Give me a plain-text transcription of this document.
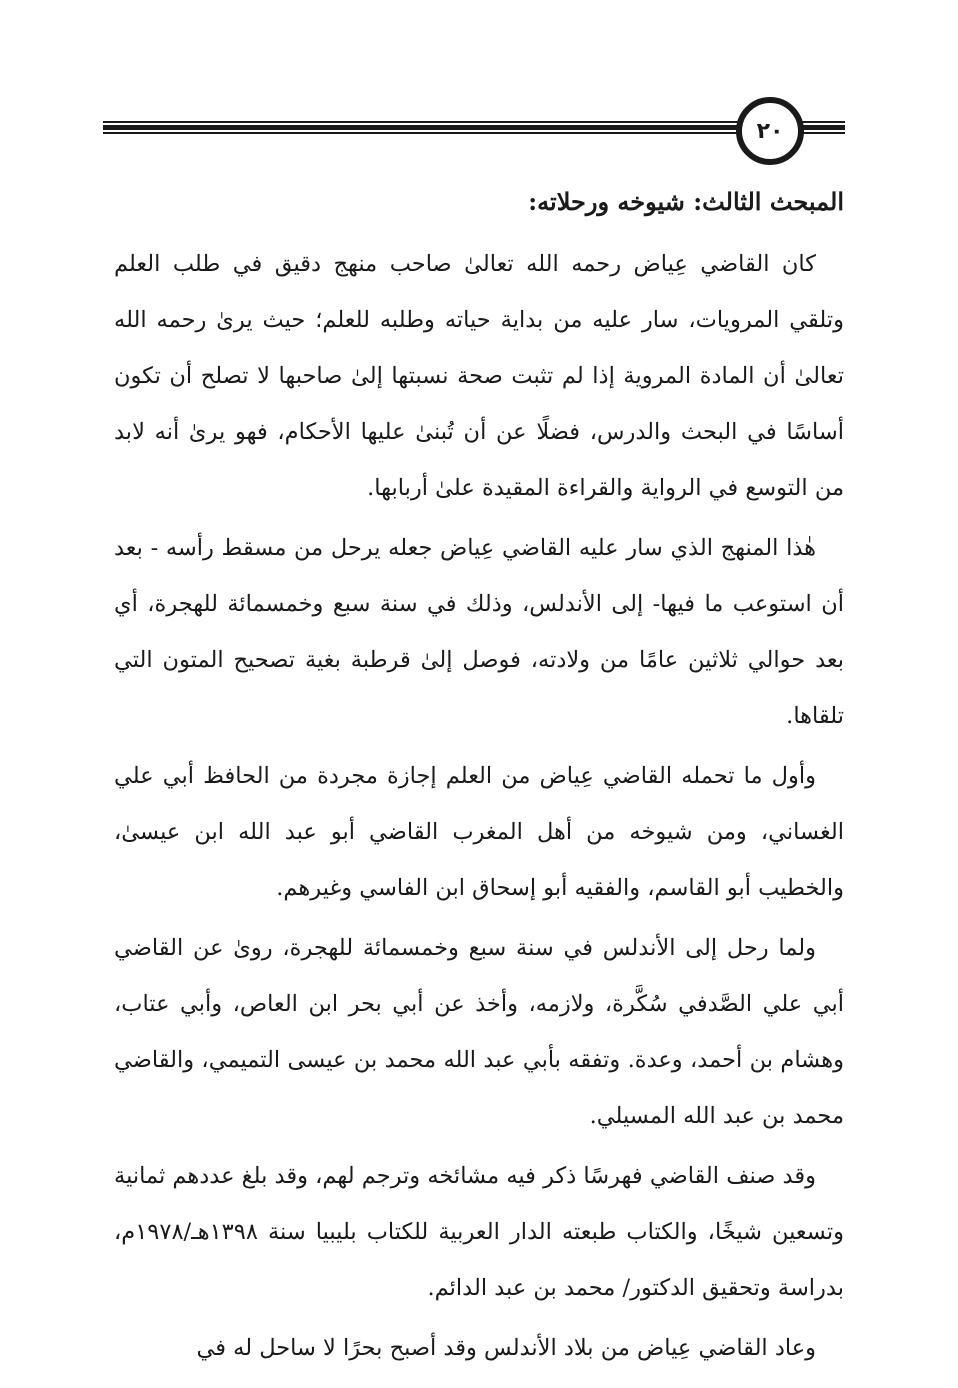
٢٠
المبحث الثالث: شيوخه ورحلاته:

كان القاضي عِياض رحمه الله تعالىٰ صاحب منهج دقيق في طلب العلم وتلقي المرويات، سار عليه من بداية حياته وطلبه للعلم؛ حيث يرىٰ رحمه الله تعالىٰ أن المادة المروية إذا لم تثبت صحة نسبتها إلىٰ صاحبها لا تصلح أن تكون أساسًا في البحث والدرس، فضلًا عن أن تُبنىٰ عليها الأحكام، فهو يرىٰ أنه لابد من التوسع في الرواية والقراءة المقيدة علىٰ أربابها.

هٰذا المنهج الذي سار عليه القاضي عِياض جعله يرحل من مسقط رأسه - بعد أن استوعب ما فيها- إلى الأندلس، وذلك في سنة سبع وخمسمائة للهجرة، أي بعد حوالي ثلاثين عامًا من ولادته، فوصل إلىٰ قرطبة بغية تصحيح المتون التي تلقاها.

وأول ما تحمله القاضي عِياض من العلم إجازة مجردة من الحافظ أبي علي الغساني، ومن شيوخه من أهل المغرب القاضي أبو عبد الله ابن عيسىٰ، والخطيب أبو القاسم، والفقيه أبو إسحاق ابن الفاسي وغيرهم.

ولما رحل إلى الأندلس في سنة سبع وخمسمائة للهجرة، روىٰ عن القاضي أبي علي الصَّدفي سُكَّرة، ولازمه، وأخذ عن أبي بحر ابن العاص، وأبي عتاب، وهشام بن أحمد، وعدة. وتفقه بأبي عبد الله محمد بن عيسى التميمي، والقاضي محمد بن عبد الله المسيلي.

وقد صنف القاضي فهرسًا ذكر فيه مشائخه وترجم لهم، وقد بلغ عددهم ثمانية وتسعين شيخًا، والكتاب طبعته الدار العربية للكتاب بليبيا سنة ١٣٩٨هـ/١٩٧٨م، بدراسة وتحقيق الدكتور/ محمد بن عبد الدائم.

وعاد القاضي عِياض من بلاد الأندلس وقد أصبح بحرًا لا ساحل له في
